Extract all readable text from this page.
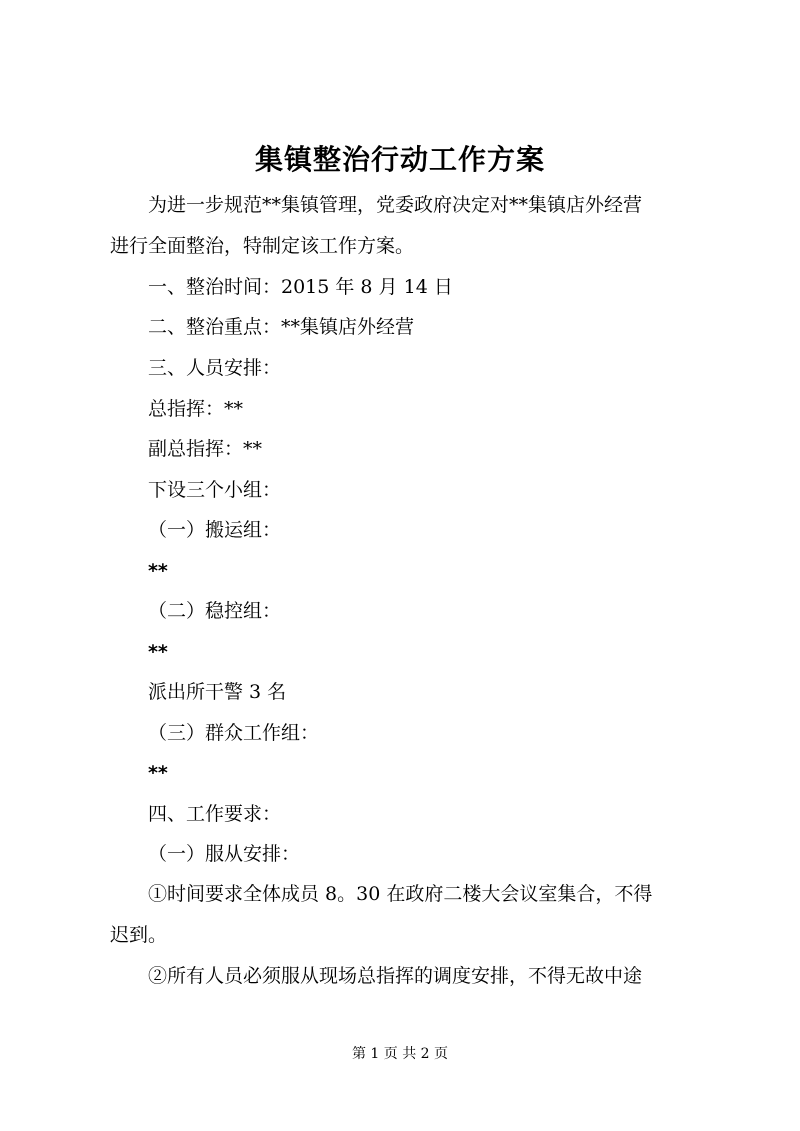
集镇整治行动工作方案
为进一步规范**集镇管理，党委政府决定对**集镇店外经营
进行全面整治，特制定该工作方案。
一、整治时间：2015 年 8 月 14 日
二、整治重点：**集镇店外经营
三、人员安排：
总指挥：**
副总指挥：**
下设三个小组：
（一）搬运组：
**
（二）稳控组：
**
派出所干警 3 名
（三）群众工作组：
**
四、工作要求：
（一）服从安排：
①时间要求全体成员 8。30 在政府二楼大会议室集合，不得
迟到。
②所有人员必须服从现场总指挥的调度安排，不得无故中途
第 1 页 共 2 页
